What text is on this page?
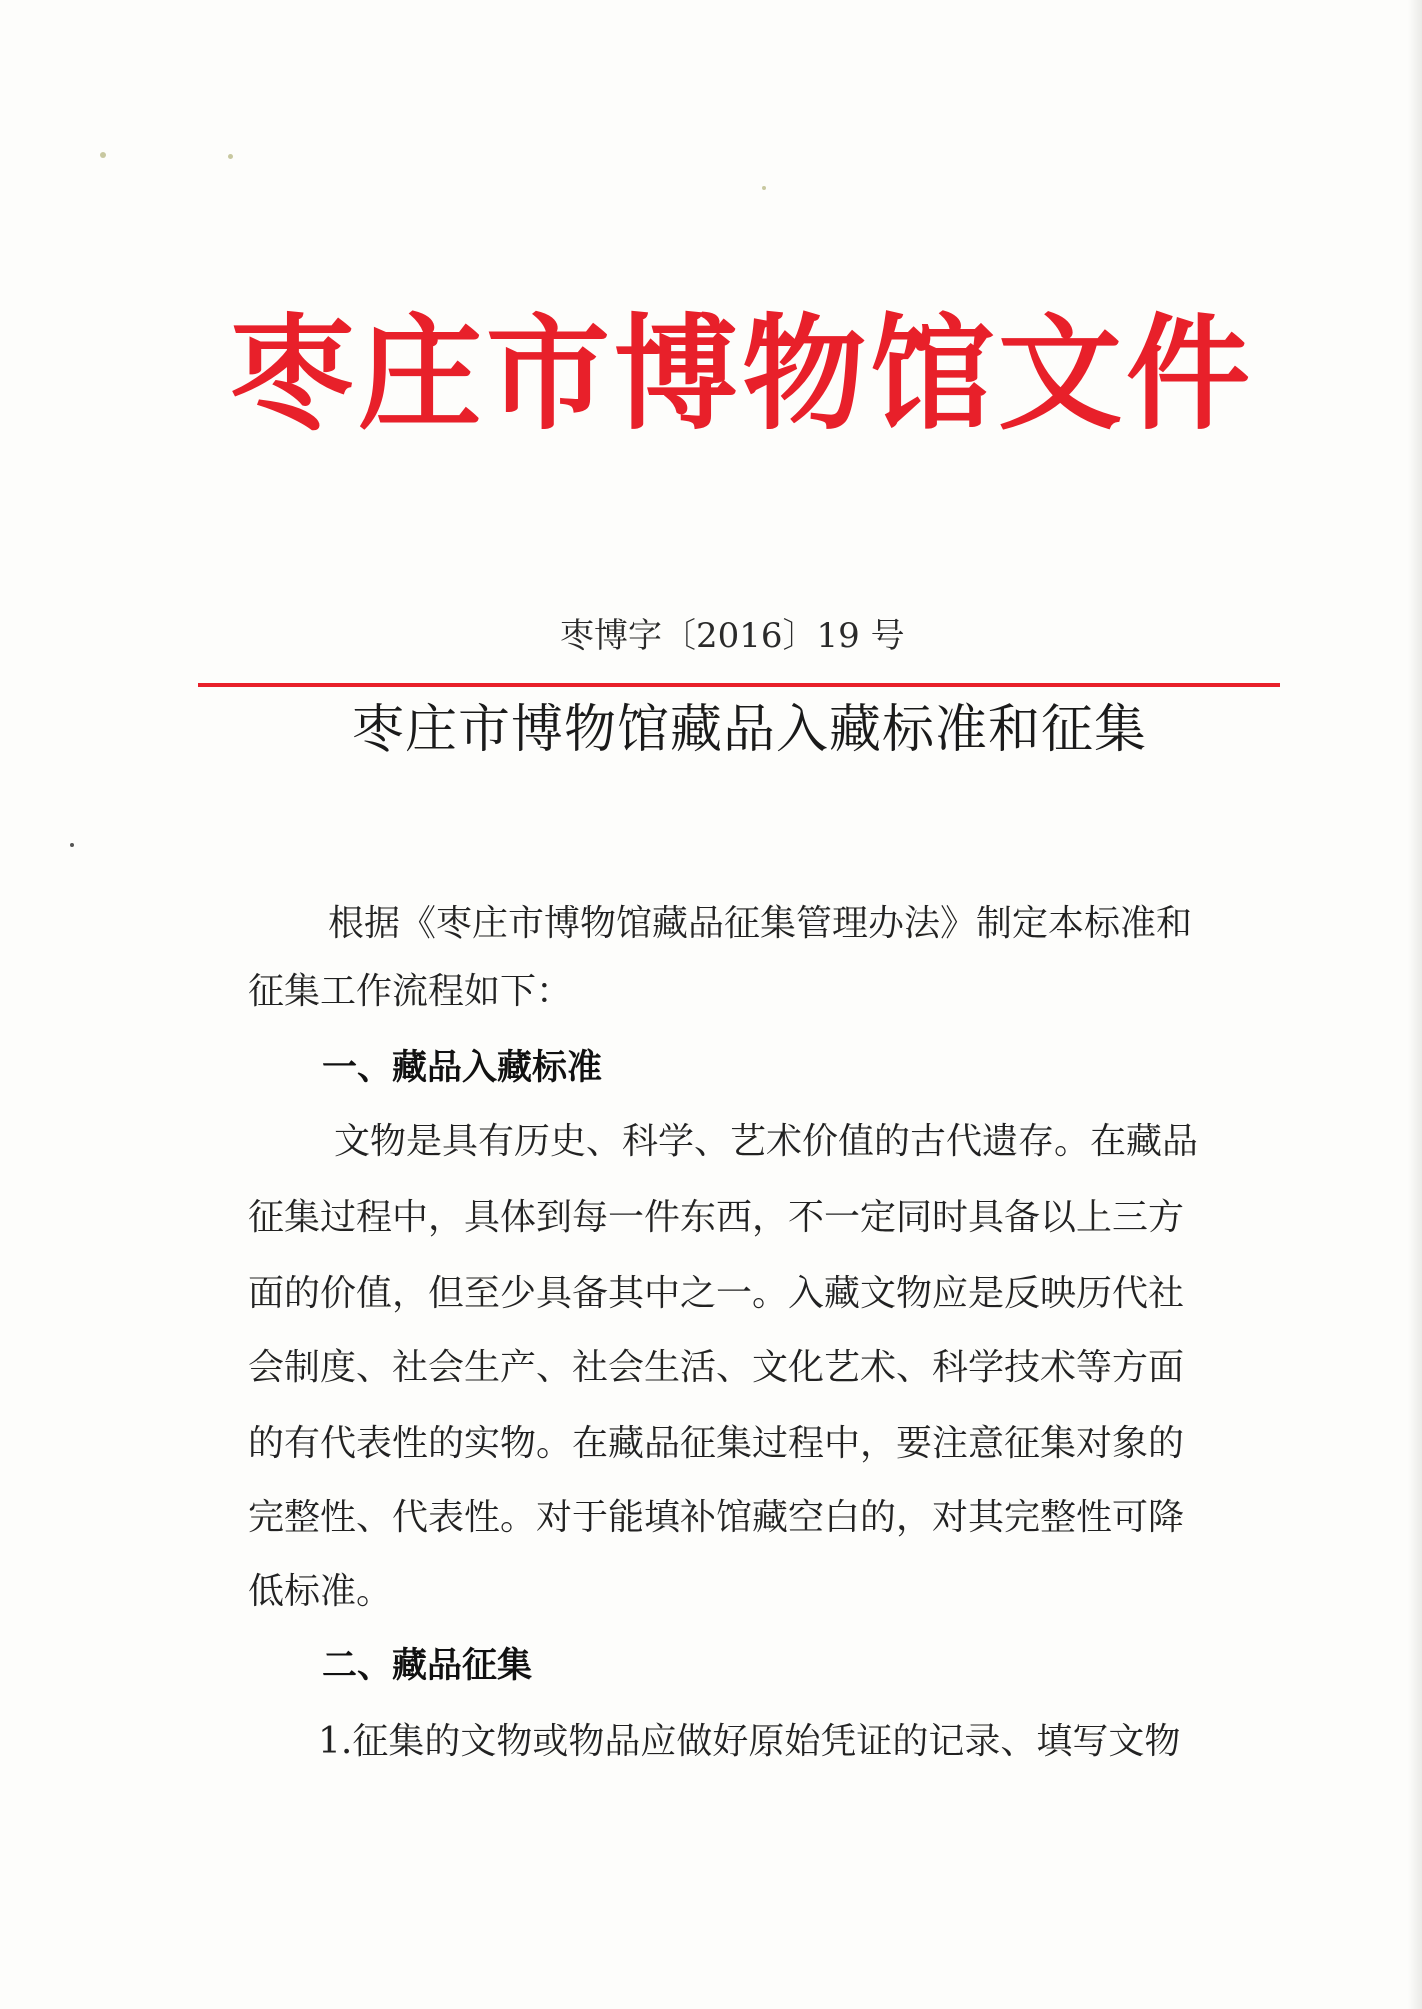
枣庄市博物馆文件
枣博字〔2016〕19 号
枣庄市博物馆藏品入藏标准和征集
根据《枣庄市博物馆藏品征集管理办法》制定本标准和
征集工作流程如下：
一、藏品入藏标准
文物是具有历史、科学、艺术价值的古代遗存。在藏品
征集过程中，具体到每一件东西，不一定同时具备以上三方
面的价值，但至少具备其中之一。入藏文物应是反映历代社
会制度、社会生产、社会生活、文化艺术、科学技术等方面
的有代表性的实物。在藏品征集过程中，要注意征集对象的
完整性、代表性。对于能填补馆藏空白的，对其完整性可降
低标准。
二、藏品征集
1.征集的文物或物品应做好原始凭证的记录、填写文物
